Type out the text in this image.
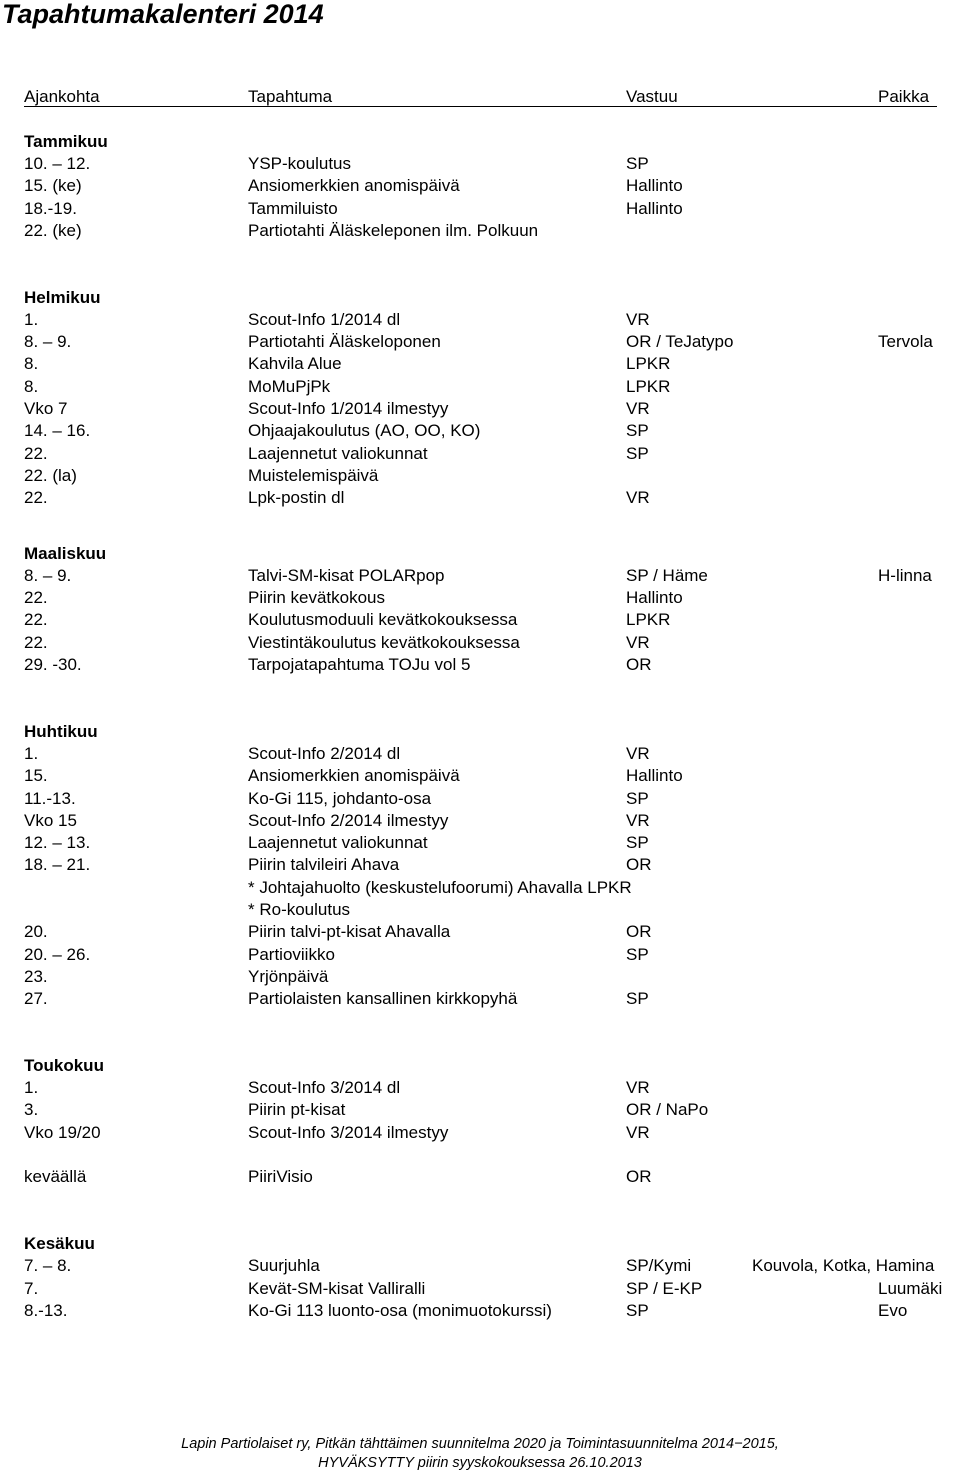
Tapahtumakalenteri 2014
Ajankohta	Tapahtuma	Vastuu	Paikka
Tammikuu
10. – 12.	YSP-koulutus	SP
15. (ke)	Ansiomerkkien anomispäivä	Hallinto
18.-19.	Tammiluisto	Hallinto
22. (ke)	Partiotahti Äläskeleponen ilm. Polkuun
Helmikuu
1.	Scout-Info 1/2014 dl	VR
8. – 9.	Partiotahti Äläskeloponen	OR / TeJatypo	Tervola
8.	Kahvila Alue	LPKR
8.	MoMuPjPk	LPKR
Vko 7	Scout-Info 1/2014 ilmestyy	VR
14. – 16.	Ohjaajakoulutus (AO, OO, KO)	SP
22.	Laajennetut valiokunnat	SP
22. (la)	Muistelemispäivä
22.	Lpk-postin dl	VR
Maaliskuu
8. – 9.	Talvi-SM-kisat POLARpop	SP / Häme	H-linna
22.	Piirin kevätkokous	Hallinto
22.	Koulutusmoduuli kevätkokouksessa	LPKR
22.	Viestintäkoulutus kevätkokouksessa	VR
29. -30.	Tarpojatapahtuma TOJu vol 5	OR
Huhtikuu
1.	Scout-Info 2/2014 dl	VR
15.	Ansiomerkkien anomispäivä	Hallinto
11.-13.	Ko-Gi 115, johdanto-osa	SP
Vko 15	Scout-Info 2/2014 ilmestyy	VR
12. – 13.	Laajennetut valiokunnat	SP
18. – 21.	Piirin talvileiri Ahava	OR
* Johtajahuolto (keskustelufoorumi) Ahavalla LPKR
* Ro-koulutus
20.	Piirin talvi-pt-kisat Ahavalla	OR
20. – 26.	Partioviikko	SP
23.	Yrjönpäivä
27.	Partiolaisten kansallinen kirkkopyhä	SP
Toukokuu
1.	Scout-Info 3/2014 dl	VR
3.	Piirin pt-kisat	OR / NaPo
Vko 19/20	Scout-Info 3/2014 ilmestyy	VR
keväällä	PiiriVisio	OR
Kesäkuu
7. – 8.	Suurjuhla	SP/Kymi	Kouvola, Kotka, Hamina
7.	Kevät-SM-kisat Valliralli	SP / E-KP	Luumäki
8.-13.	Ko-Gi 113 luonto-osa (monimuotokurssi)	SP	Evo
Lapin Partiolaiset ry, Pitkän tähttäimen suunnitelma 2020 ja Toimintasuunnitelma 2014−2015,
HYVÄKSYTTY piirin syyskokouksessa 26.10.2013
